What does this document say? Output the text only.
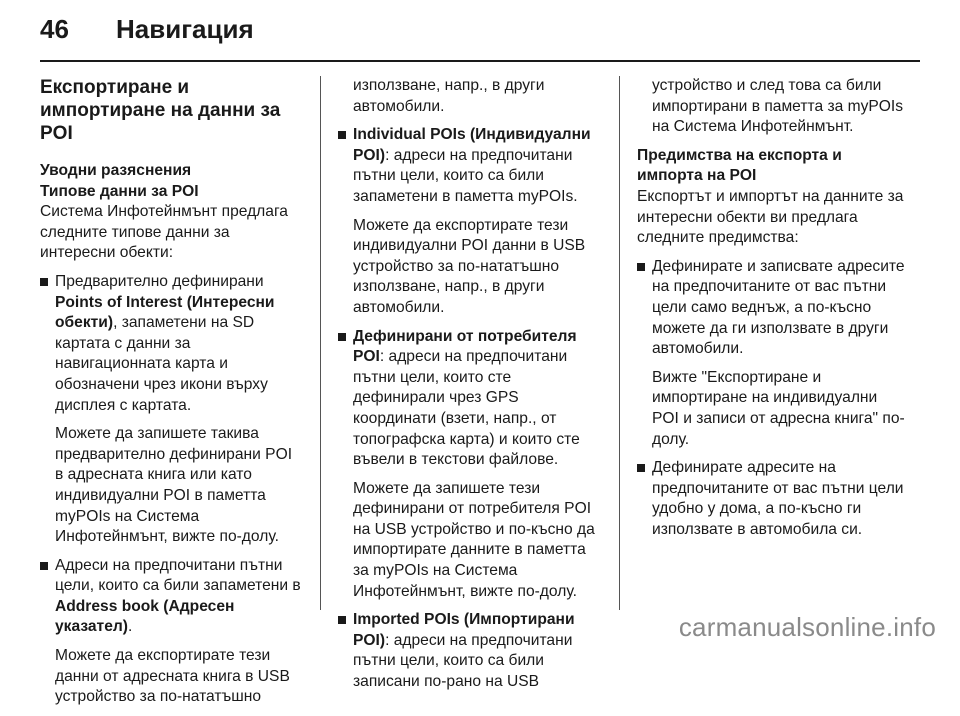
46 Навигация
Експортиране и импортиране на данни за POI
Уводни разяснения
Типове данни за POI
Система Инфотейнмънт предлага следните типове данни за интересни обекти:
Предварително дефинирани Points of Interest (Интересни обекти), запаметени на SD картата с данни за навигационната карта и обозначени чрез икони върху дисплея с картата.
Можете да запишете такива предварително дефинирани POI в адресната книга или като индивидуални POI в паметта myPOIs на Система Инфотейнмънт, вижте по-долу.
Адреси на предпочитани пътни цели, които са били запаметени в Address book (Адресен указател).
Можете да експортирате тези данни от адресната книга в USB устройство за по-нататъшно
използване, напр., в други автомобили.
Individual POIs (Индивидуални POI): адреси на предпочитани пътни цели, които са били запаметени в паметта myPOIs.
Можете да експортирате тези индивидуални POI данни в USB устройство за по-нататъшно използване, напр., в други автомобили.
Дефинирани от потребителя POI: адреси на предпочитани пътни цели, които сте дефинирали чрез GPS координати (взети, напр., от топографска карта) и които сте въвели в текстови файлове.
Можете да запишете тези дефинирани от потребителя POI на USB устройство и по-късно да импортирате данните в паметта за myPOIs на Система Инфотейнмънт, вижте по-долу.
Imported POIs (Импортирани POI): адреси на предпочитани пътни цели, които са били записани по-рано на USB
устройство и след това са били импортирани в паметта за myPOIs на Система Инфотейнмънт.
Предимства на експорта и импорта на POI
Експортът и импортът на данните за интересни обекти ви предлага следните предимства:
Дефинирате и записвате адресите на предпочитаните от вас пътни цели само веднъж, а по-късно можете да ги използвате в други автомобили.
Вижте "Експортиране и импортиране на индивидуални POI и записи от адресна книга" по-долу.
Дефинирате адресите на предпочитаните от вас пътни цели удобно у дома, а по-късно ги използвате в автомобила си.
carmanualsonline.info
